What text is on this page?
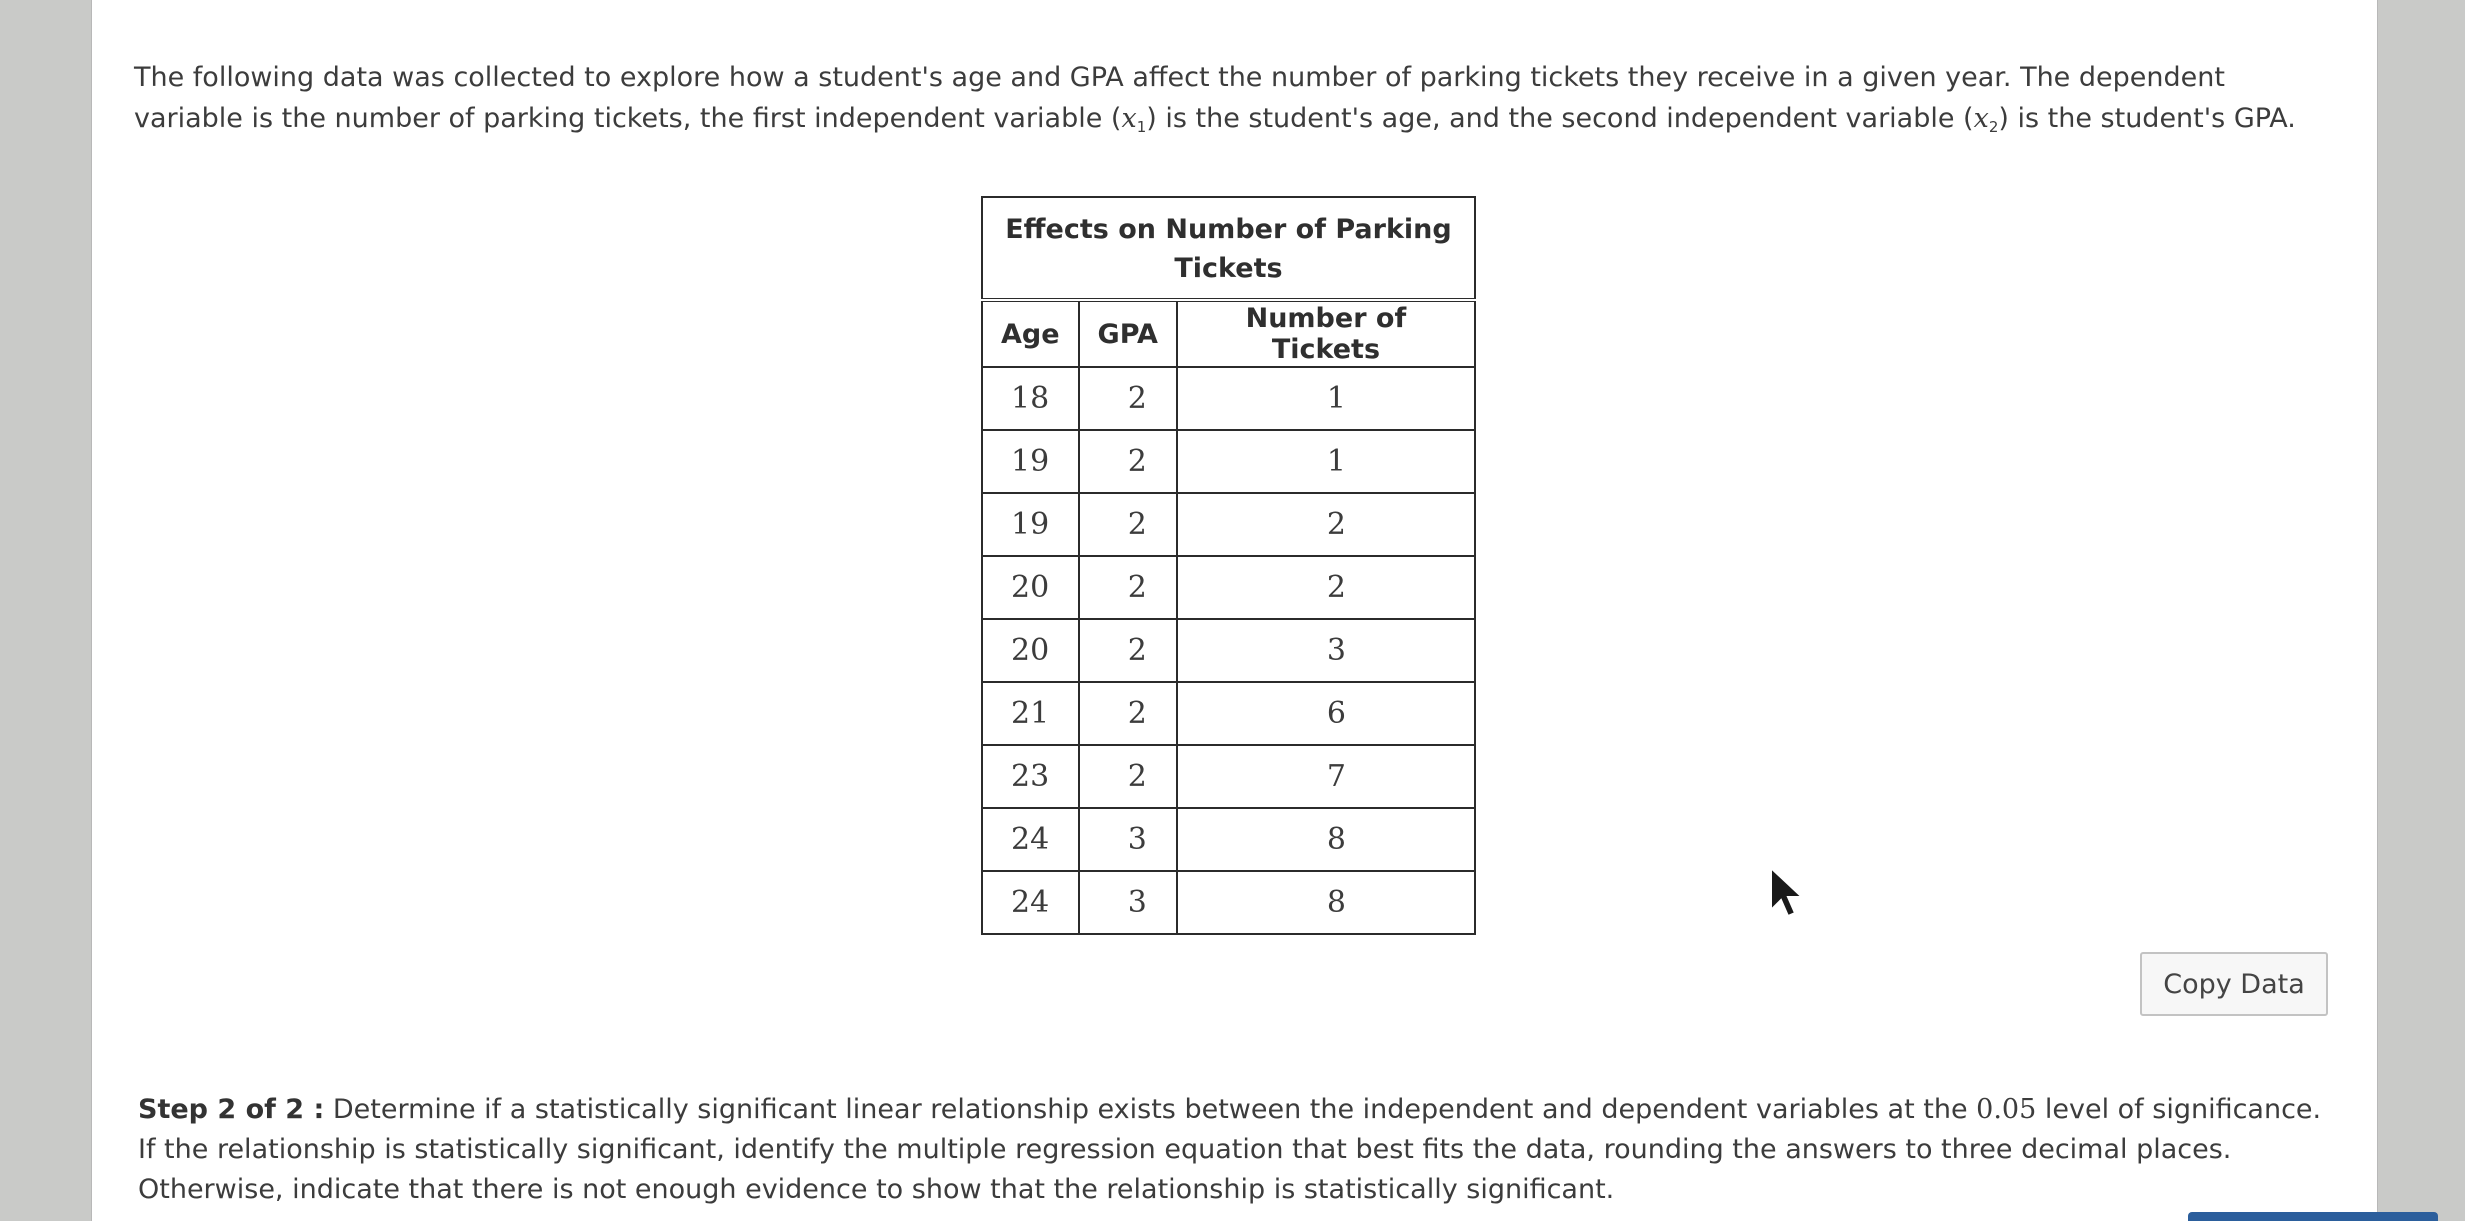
The following data was collected to explore how a student's age and GPA affect the number of parking tickets they receive in a given year. The dependent variable is the number of parking tickets, the first independent variable $(x_1)$ is the student's age, and the second independent variable $(x_2)$ is the student's GPA.

Effects on Number of Parking
Tickets		
Age	GPA	Number of Tickets
18	2	1
19	2	1
19	2	2
20	2	2
20	2	3
21	2	6
23	2	7
24	3	8
24	3	8
Copy Data

Step 2 of 2 : Determine if a statistically significant linear relationship exists between the independent and dependent variables at the 0.05 level of significance. If the relationship is statistically significant, identify the multiple regression equation that best fits the data, rounding the answers to three decimal places. Otherwise, indicate that there is not enough evidence to show that the relationship is statistically significant.
